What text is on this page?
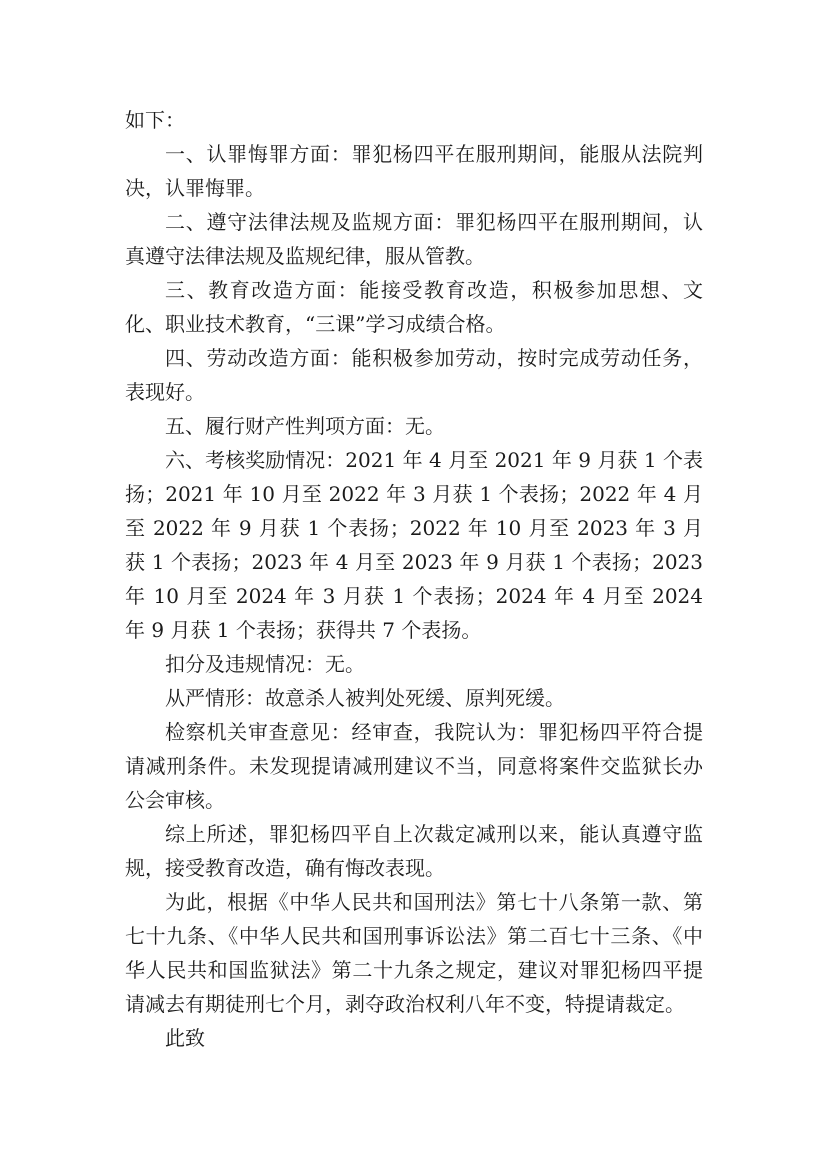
如下：

一、认罪悔罪方面：罪犯杨四平在服刑期间，能服从法院判决，认罪悔罪。

二、遵守法律法规及监规方面：罪犯杨四平在服刑期间，认真遵守法律法规及监规纪律，服从管教。

三、教育改造方面：能接受教育改造，积极参加思想、文化、职业技术教育，“三课”学习成绩合格。

四、劳动改造方面：能积极参加劳动，按时完成劳动任务，表现好。

五、履行财产性判项方面：无。

六、考核奖励情况：2021 年 4 月至 2021 年 9 月获 1 个表扬；2021 年 10 月至 2022 年 3 月获 1 个表扬；2022 年 4 月至 2022 年 9 月获 1 个表扬；2022 年 10 月至 2023 年 3 月获 1 个表扬；2023 年 4 月至 2023 年 9 月获 1 个表扬；2023 年 10 月至 2024 年 3 月获 1 个表扬；2024 年 4 月至 2024 年 9 月获 1 个表扬；获得共 7 个表扬。

扣分及违规情况：无。

从严情形：故意杀人被判处死缓、原判死缓。

检察机关审查意见：经审查，我院认为：罪犯杨四平符合提请减刑条件。未发现提请减刑建议不当，同意将案件交监狱长办公会审核。

综上所述，罪犯杨四平自上次裁定减刑以来，能认真遵守监规，接受教育改造，确有悔改表现。

为此，根据《中华人民共和国刑法》第七十八条第一款、第七十九条、《中华人民共和国刑事诉讼法》第二百七十三条、《中华人民共和国监狱法》第二十九条之规定，建议对罪犯杨四平提请减去有期徒刑七个月，剥夺政治权利八年不变，特提请裁定。

此致
